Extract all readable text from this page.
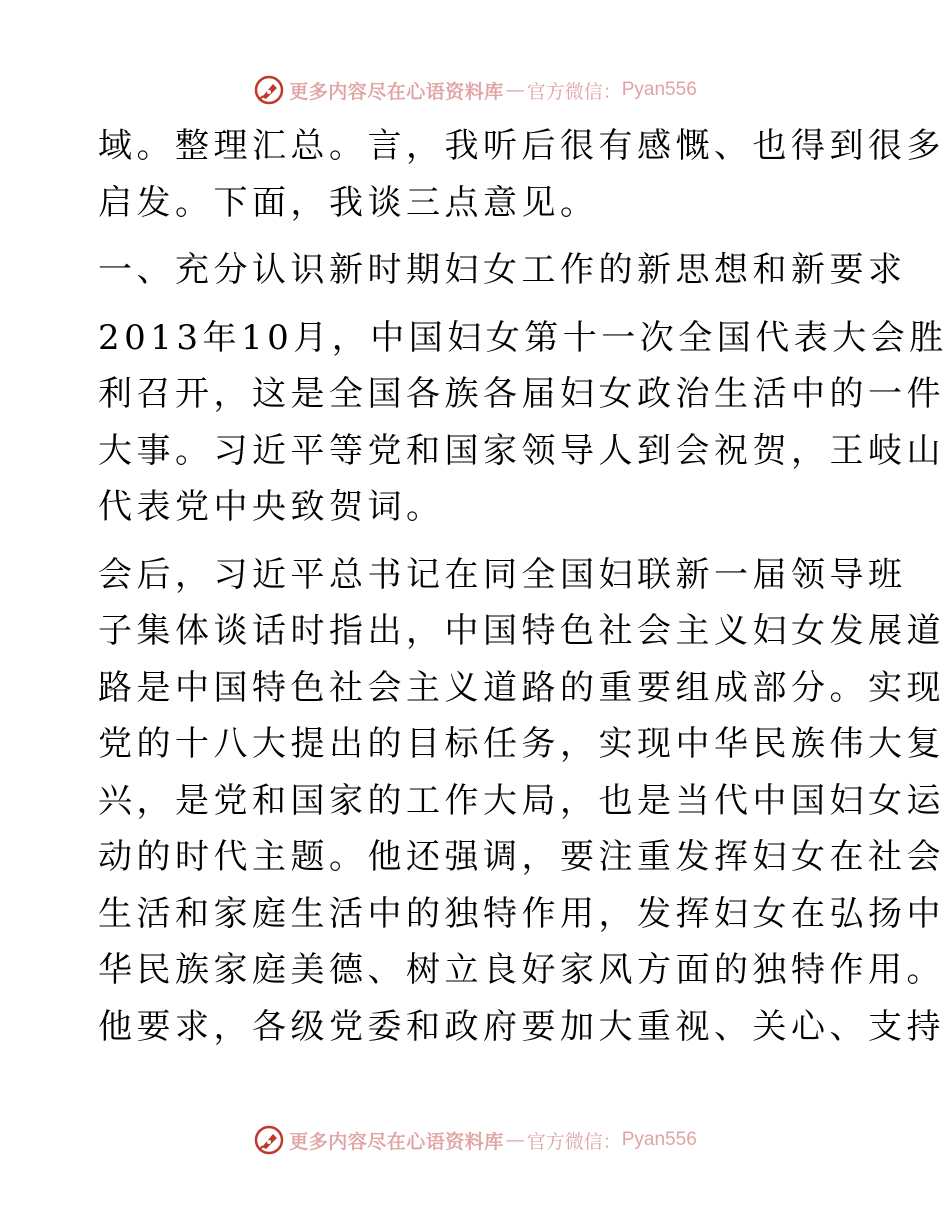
更多内容尽在心语资料库 — 官方微信： Pyan556

域。整理汇总。言，我听后很有感慨、也得到很多

启发。下面，我谈三点意见。

一、充分认识新时期妇女工作的新思想和新要求

2013年10月，中国妇女第十一次全国代表大会胜

利召开，这是全国各族各届妇女政治生活中的一件

大事。习近平等党和国家领导人到会祝贺，王岐山

代表党中央致贺词。

会后，习近平总书记在同全国妇联新一届领导班

子集体谈话时指出，中国特色社会主义妇女发展道

路是中国特色社会主义道路的重要组成部分。实现

党的十八大提出的目标任务，实现中华民族伟大复

兴，是党和国家的工作大局，也是当代中国妇女运

动的时代主题。他还强调，要注重发挥妇女在社会

生活和家庭生活中的独特作用，发挥妇女在弘扬中

华民族家庭美德、树立良好家风方面的独特作用。

他要求，各级党委和政府要加大重视、关心、支持

更多内容尽在心语资料库 — 官方微信： Pyan556
